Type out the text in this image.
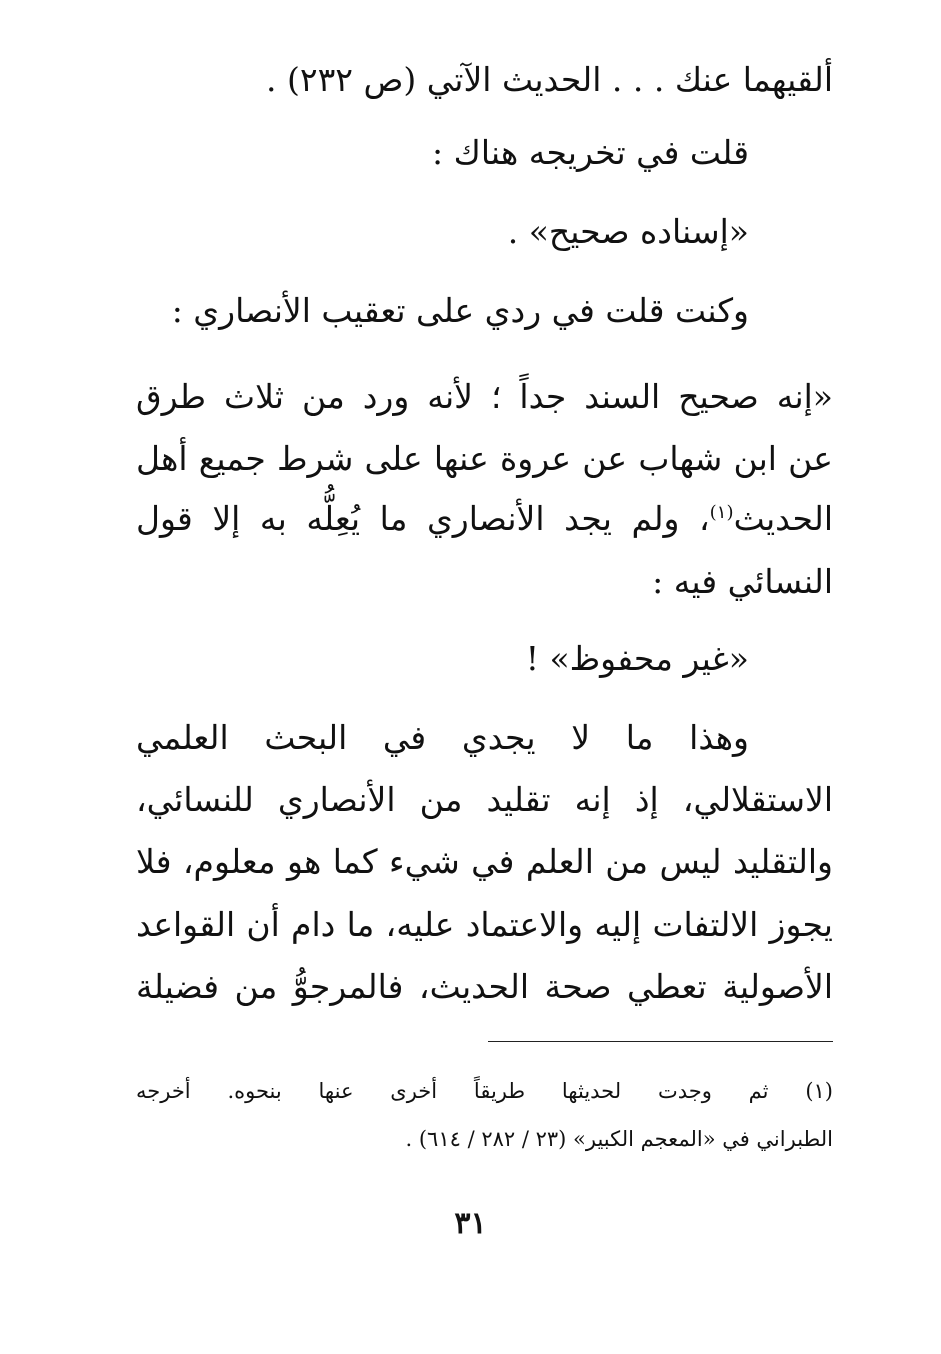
ألقيهما عنك . . . الحديث الآتي (ص ٢٣٢) .
قلت في تخريجه هناك :
«إسناده صحيح» .
وكنت قلت في ردي على تعقيب الأنصاري :
«إنه صحيح السند جداً ؛ لأنه ورد من ثلاث طرق
عن ابن شهاب عن عروة عنها على شرط جميع أهل
الحديث$^{(١)}$، ولم يجد الأنصاري ما يُعِلُّه به إلا قول
النسائي فيه :
«غير محفوظ» !
وهذا ما لا يجدي في البحث العلمي
الاستقلالي، إذ إنه تقليد من الأنصاري للنسائي،
والتقليد ليس من العلم في شيء كما هو معلوم، فلا
يجوز الالتفات إليه والاعتماد عليه، ما دام أن القواعد
الأصولية تعطي صحة الحديث، فالمرجوُّ من فضيلة
(١) ثم وجدت لحديثها طريقاً أخرى عنها بنحوه. أخرجه
الطبراني في «المعجم الكبير» (٢٣ / ٢٨٢ / ٦١٤) .
٣١
